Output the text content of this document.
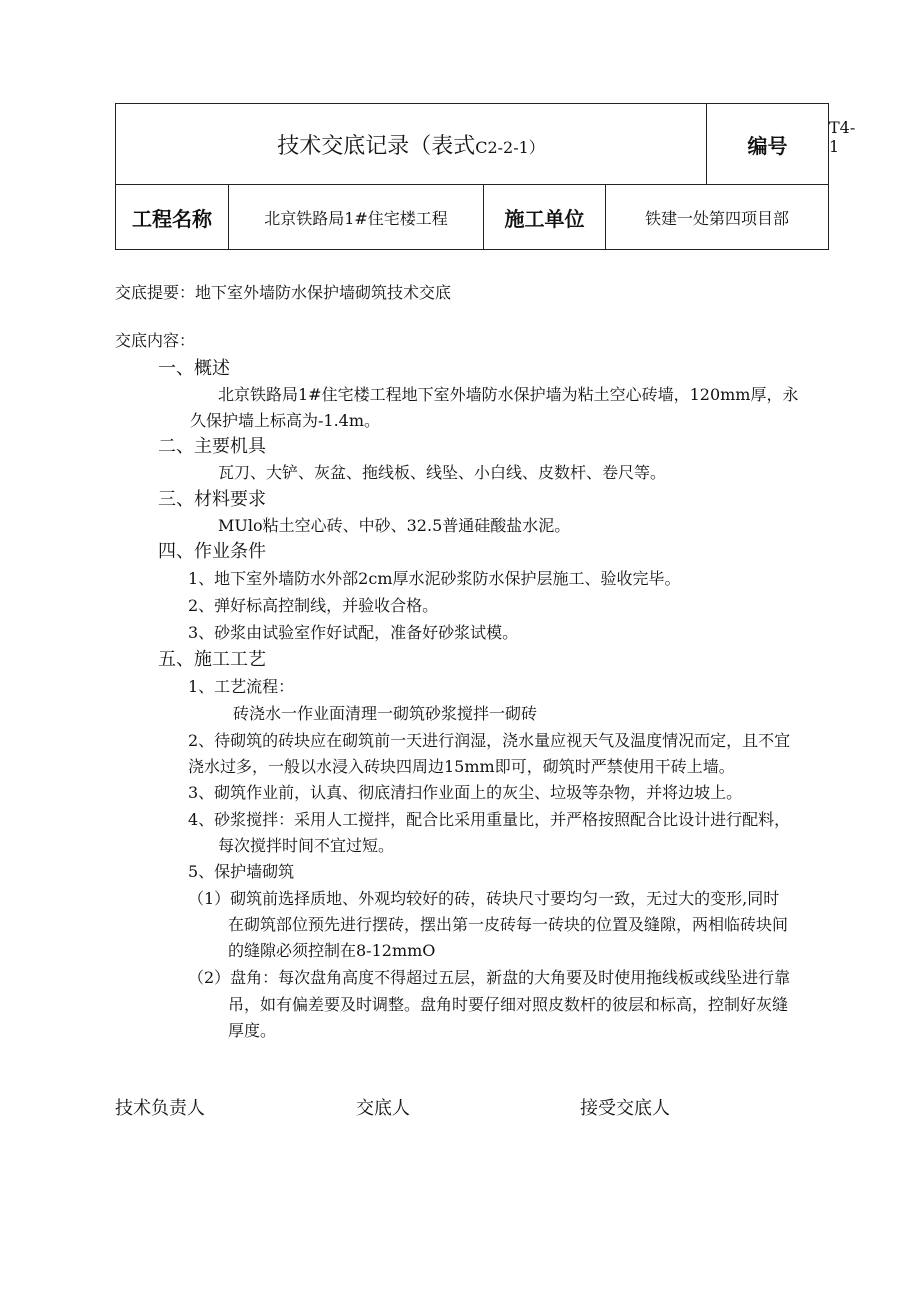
技术交底记录（表式C2-2-1）				编号	T4-1

工程名称	北京铁路局1#住宅楼工程	施工单位	铁建一处第四项目部		
交底提要：地下室外墙防水保护墙砌筑技术交底
交底内容：
一、概述
北京铁路局1#住宅楼工程地下室外墙防水保护墙为粘土空心砖墙，120mm厚，永
久保护墙上标高为-1.4m。
二、主要机具
瓦刀、大铲、灰盆、拖线板、线坠、小白线、皮数杆、卷尺等。
三、材料要求
MUlo粘土空心砖、中砂、32.5普通硅酸盐水泥。
四、作业条件
1、地下室外墙防水外部2cm厚水泥砂浆防水保护层施工、验收完毕。
2、弹好标高控制线，并验收合格。
3、砂浆由试验室作好试配，准备好砂浆试模。
五、施工工艺
1、工艺流程：
砖浇水一作业面清理一砌筑砂浆搅拌一砌砖
2、待砌筑的砖块应在砌筑前一天进行润湿，浇水量应视天气及温度情况而定，且不宜
浇水过多，一般以水浸入砖块四周边15mm即可，砌筑时严禁使用干砖上墙。
3、砌筑作业前，认真、彻底清扫作业面上的灰尘、垃圾等杂物，并将边坡上。
4、砂浆搅拌：采用人工搅拌，配合比采用重量比，并严格按照配合比设计进行配料，
每次搅拌时间不宜过短。
5、保护墙砌筑
（1）砌筑前选择质地、外观均较好的砖，砖块尺寸要均匀一致，无过大的变形,同时
在砌筑部位预先进行摆砖，摆出第一皮砖每一砖块的位置及缝隙，两相临砖块间
的缝隙必须控制在8-12mmO
（2）盘角：每次盘角高度不得超过五层，新盘的大角要及时使用拖线板或线坠进行靠
吊，如有偏差要及时调整。盘角时要仔细对照皮数杆的彼层和标高，控制好灰缝
厚度。
技术负责人	交底人	接受交底人
